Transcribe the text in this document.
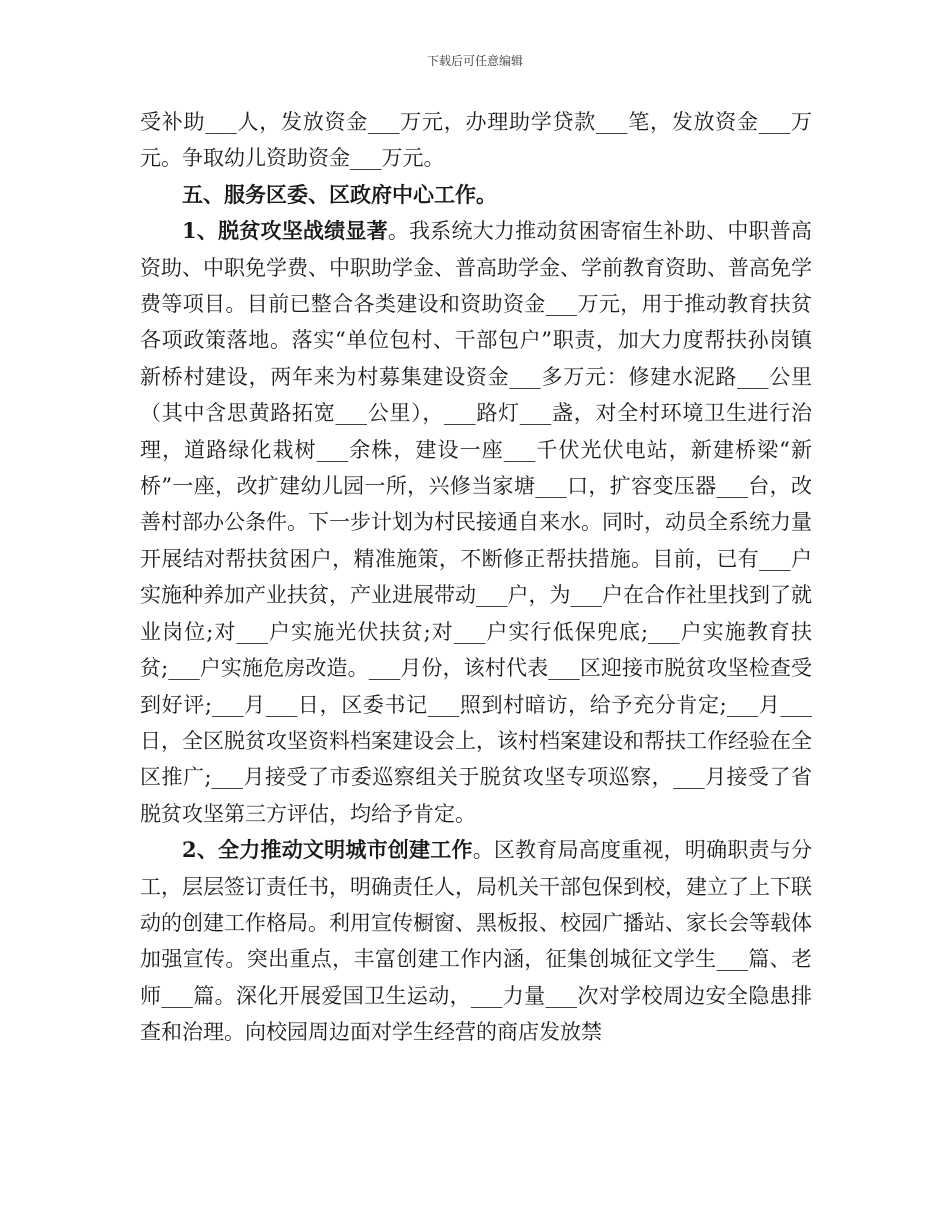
下载后可任意编辑

受补助___人，发放资金___万元，办理助学贷款___笔，发放资金___万元。争取幼儿资助资金___万元。

五、服务区委、区政府中心工作。

1、脱贫攻坚战绩显著。我系统大力推动贫困寄宿生补助、中职普高资助、中职免学费、中职助学金、普高助学金、学前教育资助、普高免学费等项目。目前已整合各类建设和资助资金___万元，用于推动教育扶贫各项政策落地。落实“单位包村、干部包户”职责，加大力度帮扶孙岗镇新桥村建设，两年来为村募集建设资金___多万元：修建水泥路___公里（其中含思黄路拓宽___公里），___路灯___盏，对全村环境卫生进行治理，道路绿化栽树___余株，建设一座___千伏光伏电站，新建桥梁“新桥”一座，改扩建幼儿园一所，兴修当家塘___口，扩容变压器___台，改善村部办公条件。下一步计划为村民接通自来水。同时，动员全系统力量开展结对帮扶贫困户，精准施策，不断修正帮扶措施。目前，已有___户实施种养加产业扶贫，产业进展带动___户，为___户在合作社里找到了就业岗位;对___户实施光伏扶贫;对___户实行低保兜底;___户实施教育扶贫;___户实施危房改造。___月份，该村代表___区迎接市脱贫攻坚检查受到好评;___月___日，区委书记___照到村暗访，给予充分肯定;___月___日，全区脱贫攻坚资料档案建设会上，该村档案建设和帮扶工作经验在全区推广;___月接受了市委巡察组关于脱贫攻坚专项巡察，___月接受了省脱贫攻坚第三方评估，均给予肯定。

2、全力推动文明城市创建工作。区教育局高度重视，明确职责与分工，层层签订责任书，明确责任人，局机关干部包保到校，建立了上下联动的创建工作格局。利用宣传橱窗、黑板报、校园广播站、家长会等载体加强宣传。突出重点，丰富创建工作内涵，征集创城征文学生___篇、老师___篇。深化开展爱国卫生运动，___力量___次对学校周边安全隐患排查和治理。向校园周边面对学生经营的商店发放禁
